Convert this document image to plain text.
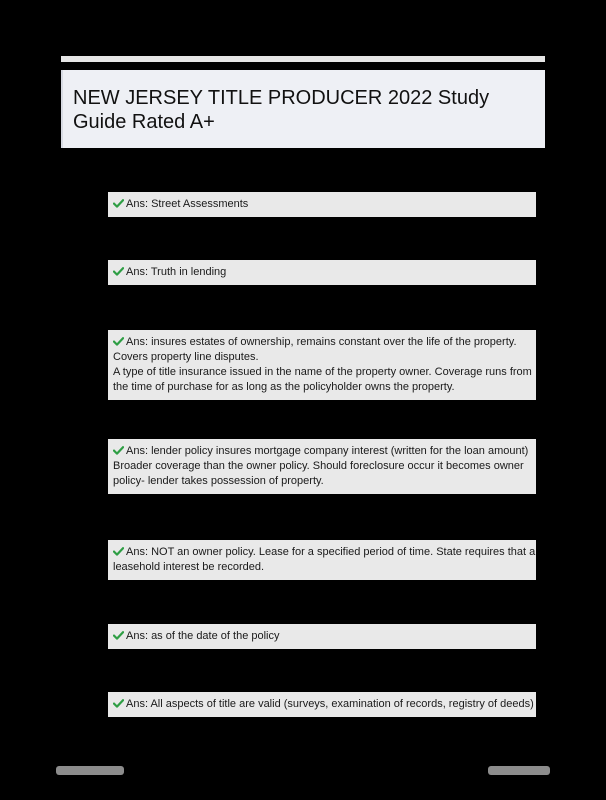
NEW JERSEY TITLE PRODUCER 2022 Study Guide Rated A+
Ans: Street Assessments
Ans: Truth in lending
Ans: insures estates of ownership, remains constant over the life of the property.
Covers property line disputes.
A type of title insurance issued in the name of the property owner. Coverage runs from
the time of purchase for as long as the policyholder owns the property.
Ans: lender policy insures mortgage company interest (written for the loan amount)
Broader coverage than the owner policy. Should foreclosure occur it becomes owner
policy- lender takes possession of property.
Ans: NOT an owner policy. Lease for a specified period of time. State requires that a
leasehold interest be recorded.
Ans: as of the date of the policy
Ans: All aspects of title are valid (surveys, examination of records, registry of deeds)
